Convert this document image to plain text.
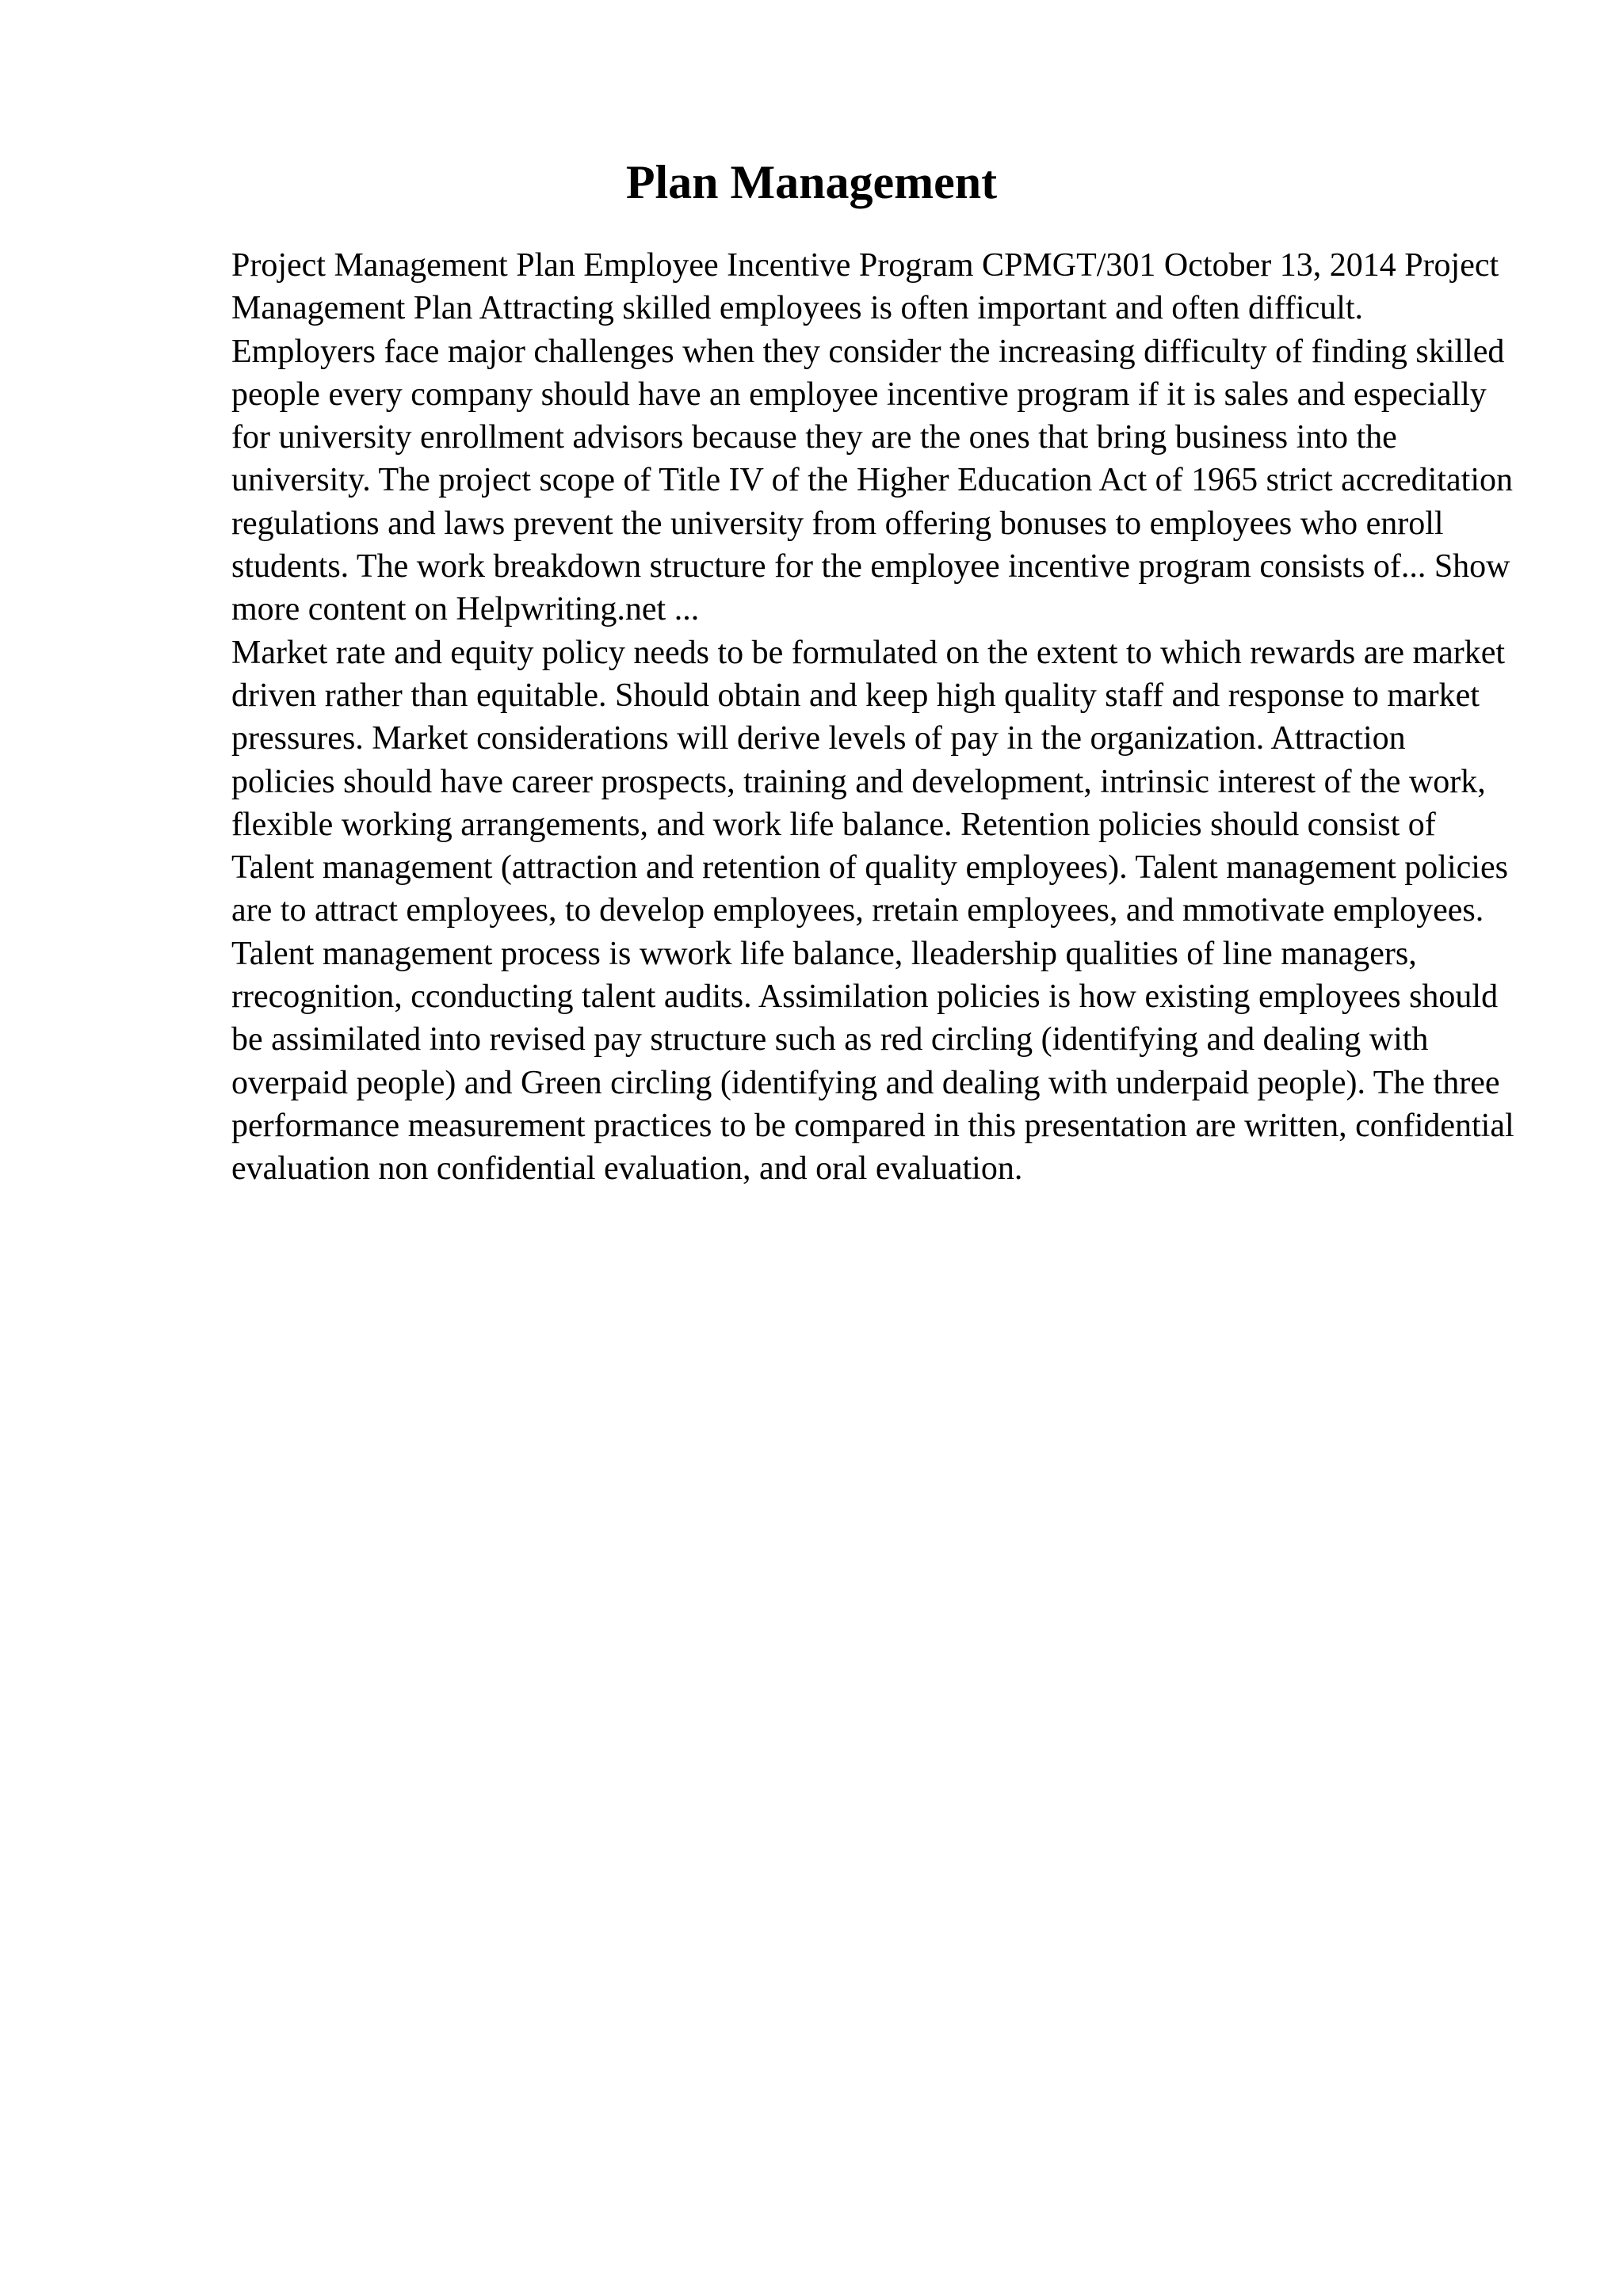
Plan Management

Project Management Plan Employee Incentive Program CPMGT/301 October 13, 2014 Project Management Plan Attracting skilled employees is often important and often difficult. Employers face major challenges when they consider the increasing difficulty of finding skilled people every company should have an employee incentive program if it is sales and especially for university enrollment advisors because they are the ones that bring business into the university. The project scope of Title IV of the Higher Education Act of 1965 strict accreditation regulations and laws prevent the university from offering bonuses to employees who enroll students. The work breakdown structure for the employee incentive program consists of... Show more content on Helpwriting.net ...

Market rate and equity policy needs to be formulated on the extent to which rewards are market driven rather than equitable. Should obtain and keep high quality staff and response to market pressures. Market considerations will derive levels of pay in the organization. Attraction policies should have career prospects, training and development, intrinsic interest of the work, flexible working arrangements, and work life balance. Retention policies should consist of Talent management (attraction and retention of quality employees). Talent management policies are to attract employees, to develop employees, rretain employees, and mmotivate employees. Talent management process is wwork life balance, lleadership qualities of line managers, rrecognition, cconducting talent audits. Assimilation policies is how existing employees should be assimilated into revised pay structure such as red circling (identifying and dealing with overpaid people) and Green circling (identifying and dealing with underpaid people). The three performance measurement practices to be compared in this presentation are written, confidential evaluation non confidential evaluation, and oral evaluation.
